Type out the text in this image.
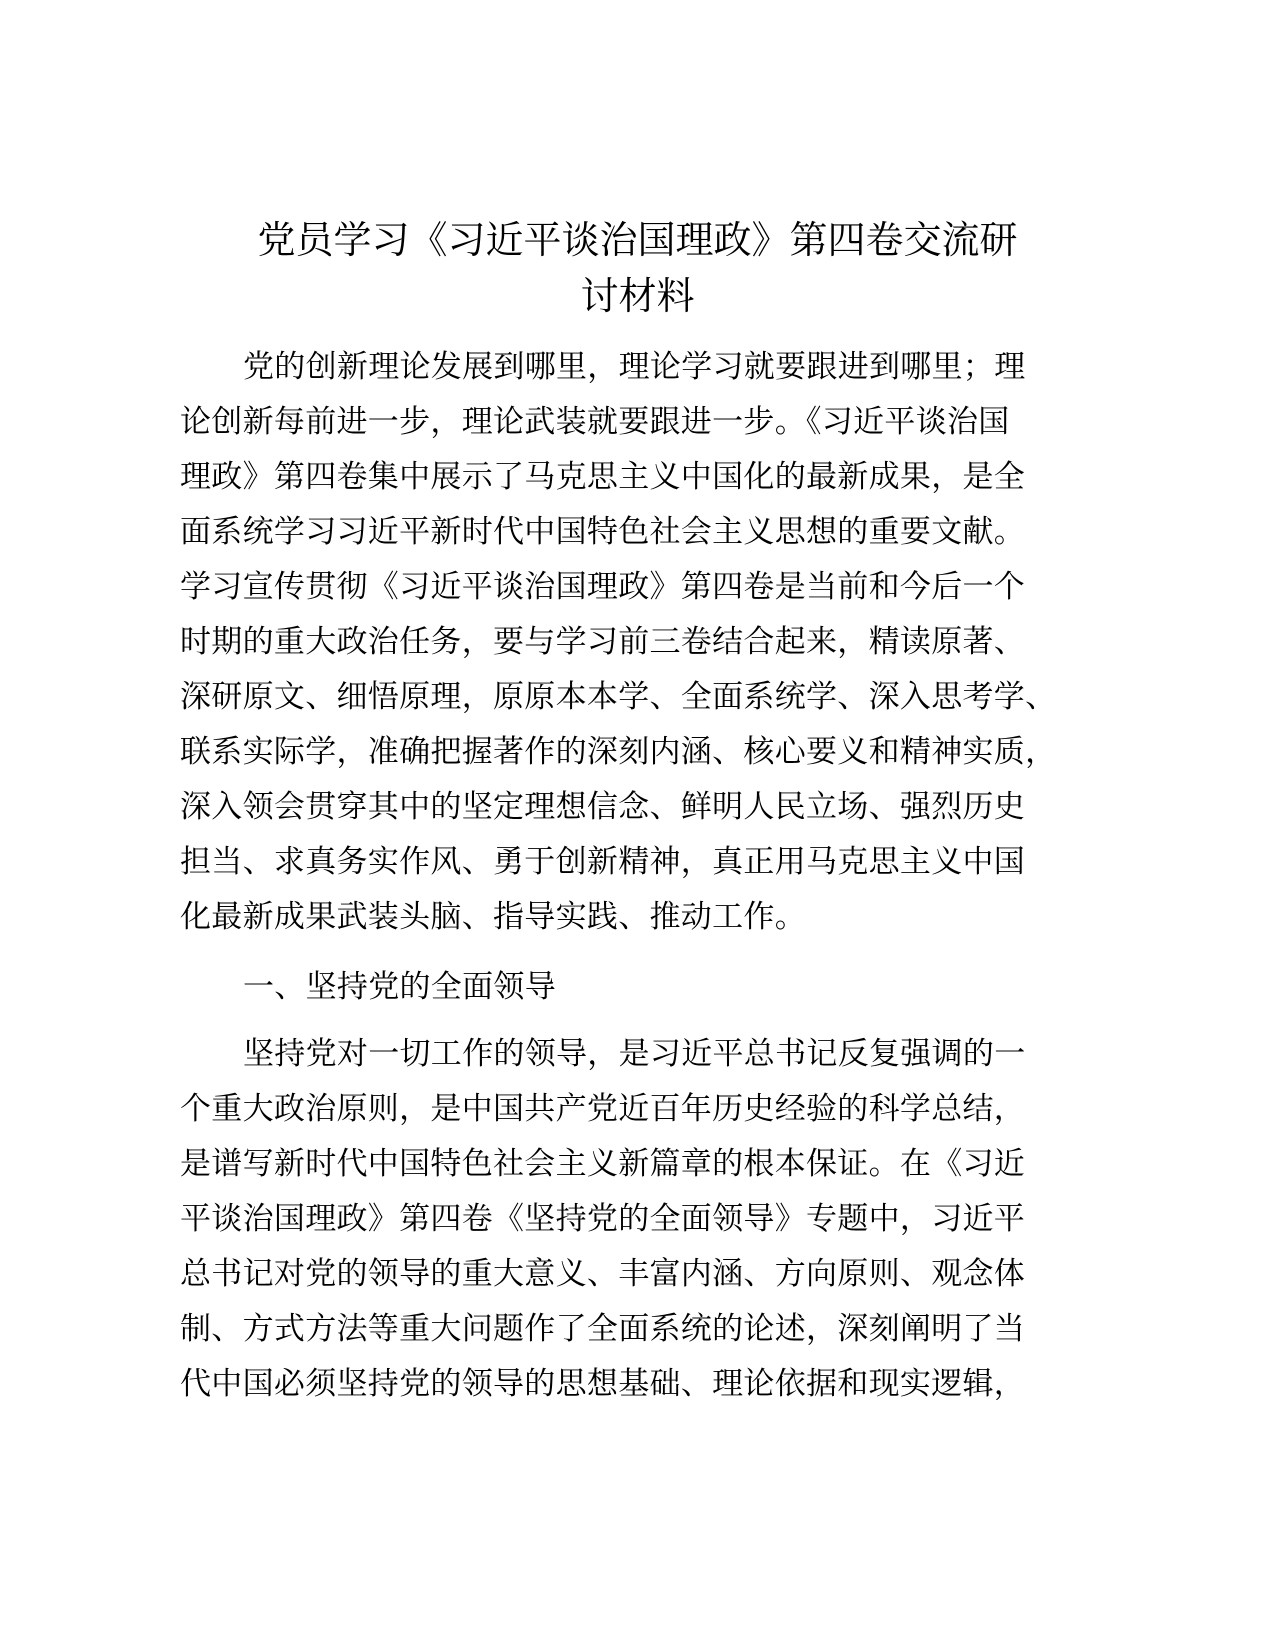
党员学习《习近平谈治国理政》第四卷交流研
讨材料
党的创新理论发展到哪里，理论学习就要跟进到哪里；理
论创新每前进一步，理论武装就要跟进一步。《习近平谈治国
理政》第四卷集中展示了马克思主义中国化的最新成果，是全
面系统学习习近平新时代中国特色社会主义思想的重要文献。
学习宣传贯彻《习近平谈治国理政》第四卷是当前和今后一个
时期的重大政治任务，要与学习前三卷结合起来，精读原著、
深研原文、细悟原理，原原本本学、全面系统学、深入思考学、
联系实际学，准确把握著作的深刻内涵、核心要义和精神实质，
深入领会贯穿其中的坚定理想信念、鲜明人民立场、强烈历史
担当、求真务实作风、勇于创新精神，真正用马克思主义中国
化最新成果武装头脑、指导实践、推动工作。
一、坚持党的全面领导
坚持党对一切工作的领导，是习近平总书记反复强调的一
个重大政治原则，是中国共产党近百年历史经验的科学总结，
是谱写新时代中国特色社会主义新篇章的根本保证。在《习近
平谈治国理政》第四卷《坚持党的全面领导》专题中，习近平
总书记对党的领导的重大意义、丰富内涵、方向原则、观念体
制、方式方法等重大问题作了全面系统的论述，深刻阐明了当
代中国必须坚持党的领导的思想基础、理论依据和现实逻辑，
